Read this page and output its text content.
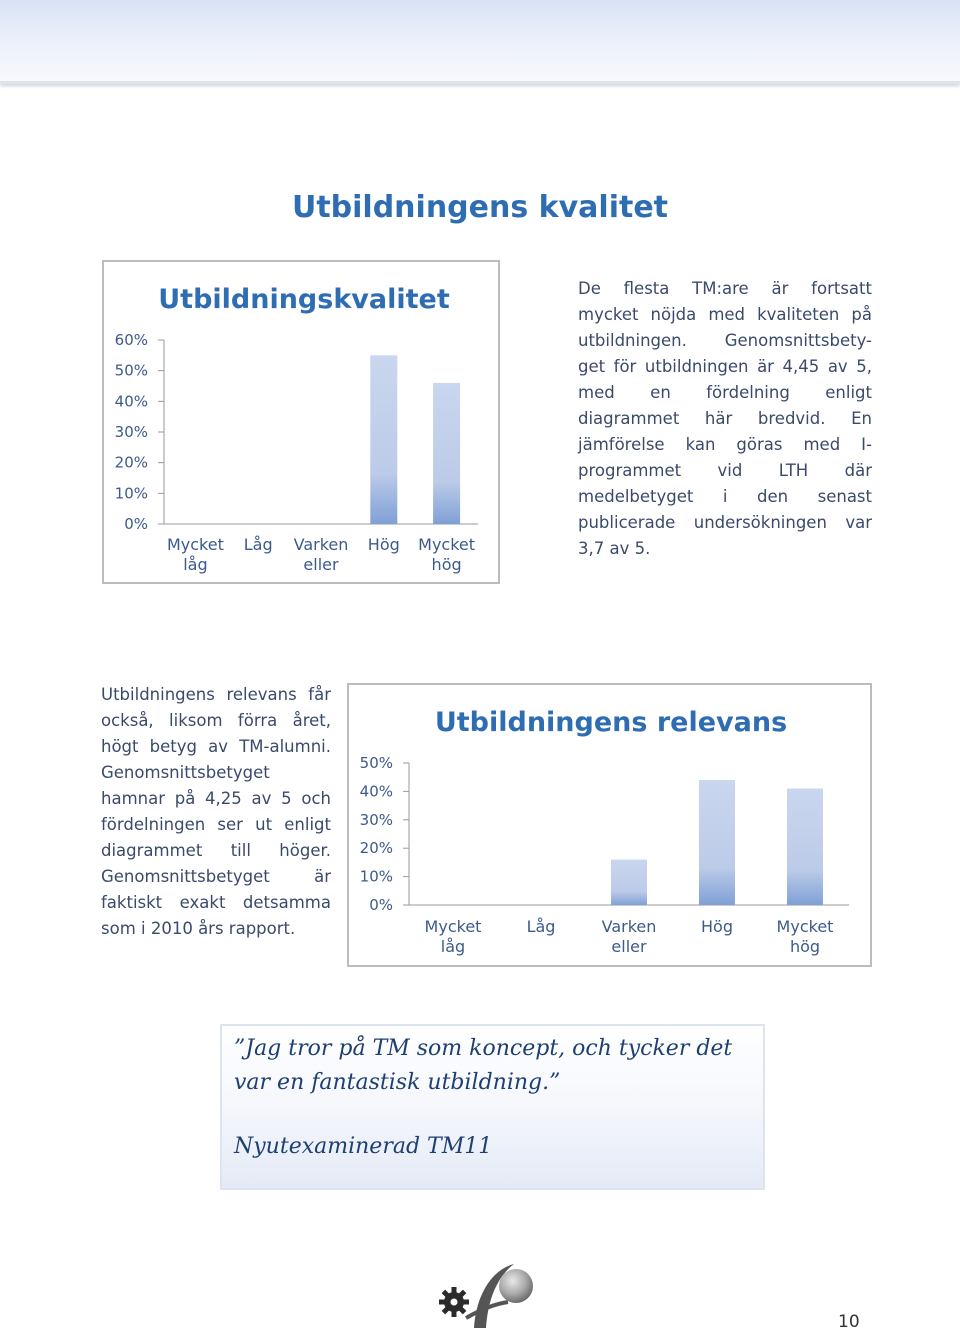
Utbildningens kvalitet
Utbildningskvalitet
0%
10%
20%
30%
40%
50%
60%
Mycket låg
Låg Varken eller
Hög Mycket hög
De flesta TM:are är fortsatt
mycket nöjda med kvaliteten på
utbildningen. Genomsnittsbety-
get för utbildningen är 4,45 av 5,
med en fördelning enligt
diagrammet här bredvid. En
jämförelse kan göras med I-
programmet vid LTH där
medelbetyget i den senast
publicerade undersökningen var
3,7 av 5.
Utbildningens relevans får
också, liksom förra året,
högt betyg av TM-alumni.
Genomsnittsbetyget
hamnar på 4,25 av 5 och
fördelningen ser ut enligt
diagrammet till höger.
Genomsnittsbetyget är
faktiskt exakt detsamma
som i 2010 års rapport.
Utbildningens relevans
0%
10%
20%
30%
40%
50%
Mycket låg
Låg	Varken eller
Hög	Mycket hög
”Jag tror på TM som koncept, och tycker det var en fantastisk utbildning.”
Nyutexaminerad TM11
10
